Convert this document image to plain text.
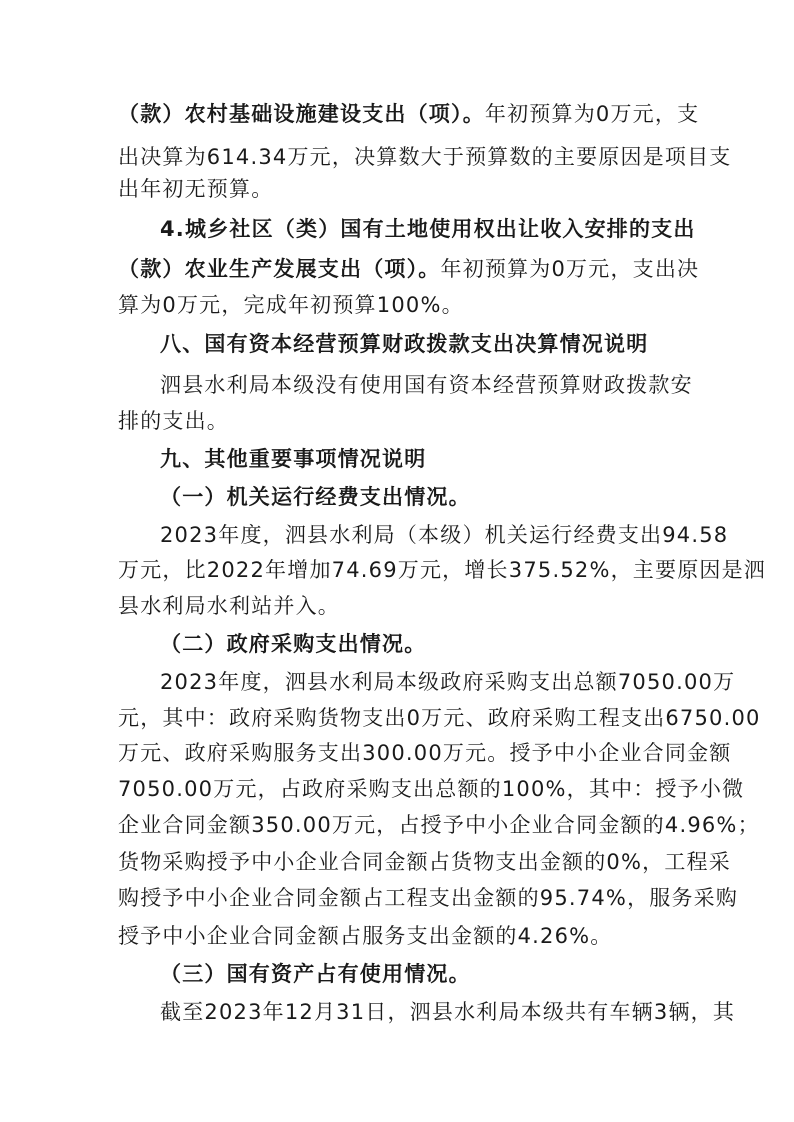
（款）农村基础设施建设支出（项）。年初预算为0万元，支
出决算为614.34万元，决算数大于预算数的主要原因是项目支
出年初无预算。
4.城乡社区（类）国有土地使用权出让收入安排的支出
（款）农业生产发展支出（项）。年初预算为0万元，支出决
算为0万元，完成年初预算100%。
八、国有资本经营预算财政拨款支出决算情况说明
泗县水利局本级没有使用国有资本经营预算财政拨款安
排的支出。
九、其他重要事项情况说明
（一）机关运行经费支出情况。
2023年度，泗县水利局（本级）机关运行经费支出94.58
万元，比2022年增加74.69万元，增长375.52%，主要原因是泗
县水利局水利站并入。
（二）政府采购支出情况。
2023年度，泗县水利局本级政府采购支出总额7050.00万
元，其中：政府采购货物支出0万元、政府采购工程支出6750.00
万元、政府采购服务支出300.00万元。授予中小企业合同金额
7050.00万元，占政府采购支出总额的100%，其中：授予小微
企业合同金额350.00万元，占授予中小企业合同金额的4.96%；
货物采购授予中小企业合同金额占货物支出金额的0%，工程采
购授予中小企业合同金额占工程支出金额的95.74%，服务采购
授予中小企业合同金额占服务支出金额的4.26%。
（三）国有资产占有使用情况。
截至2023年12月31日，泗县水利局本级共有车辆3辆，其
